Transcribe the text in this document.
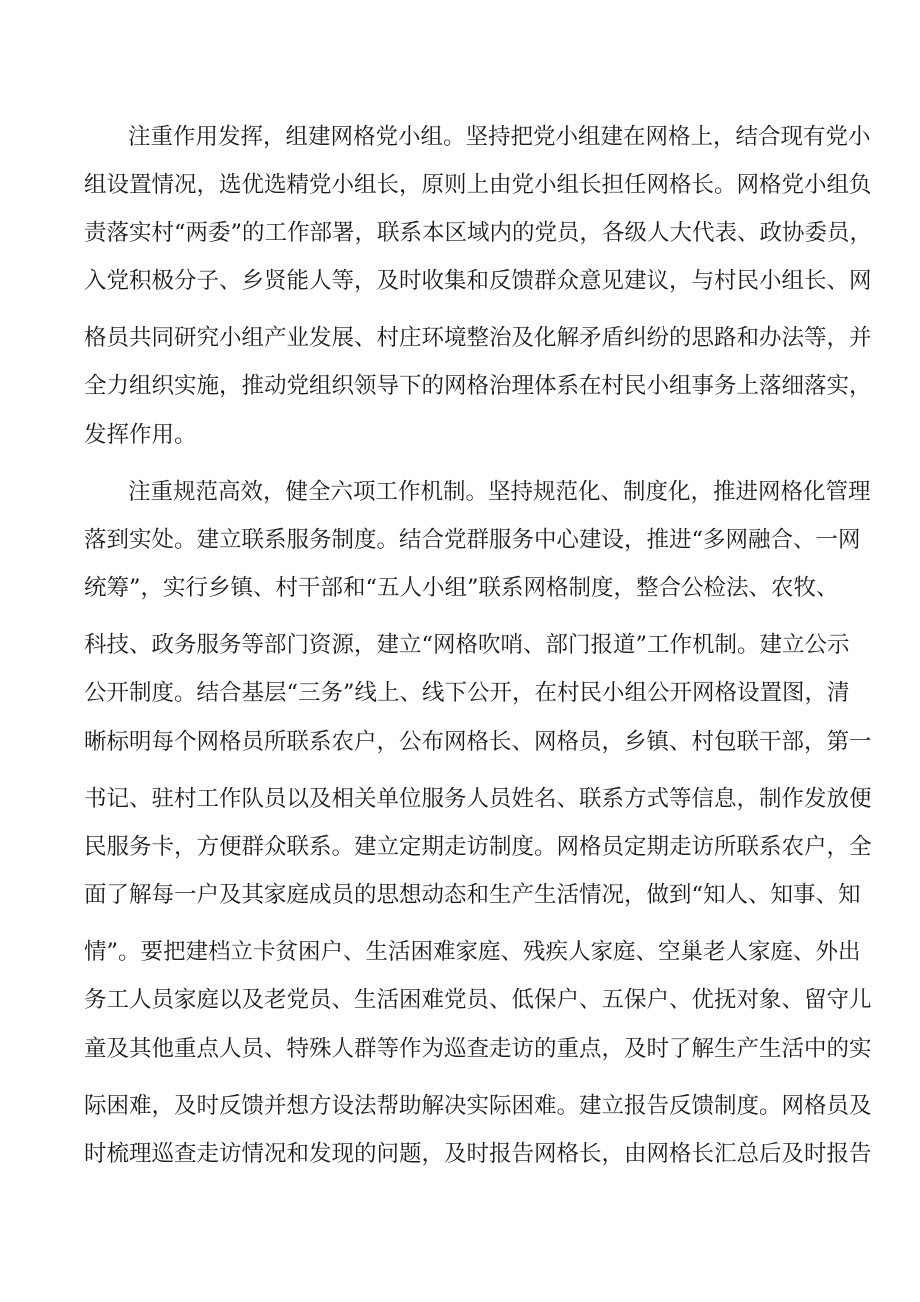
注重作用发挥，组建网格党小组。坚持把党小组建在网格上，结合现有党小
组设置情况，选优选精党小组长，原则上由党小组长担任网格长。网格党小组负
责落实村“两委”的工作部署，联系本区域内的党员，各级人大代表、政协委员，
入党积极分子、乡贤能人等，及时收集和反馈群众意见建议，与村民小组长、网
格员共同研究小组产业发展、村庄环境整治及化解矛盾纠纷的思路和办法等，并
全力组织实施，推动党组织领导下的网格治理体系在村民小组事务上落细落实，
发挥作用。
注重规范高效，健全六项工作机制。坚持规范化、制度化，推进网格化管理
落到实处。建立联系服务制度。结合党群服务中心建设，推进“多网融合、一网
统筹”，实行乡镇、村干部和“五人小组”联系网格制度，整合公检法、农牧、
科技、政务服务等部门资源，建立“网格吹哨、部门报道”工作机制。建立公示
公开制度。结合基层“三务”线上、线下公开，在村民小组公开网格设置图，清
晰标明每个网格员所联系农户，公布网格长、网格员，乡镇、村包联干部，第一
书记、驻村工作队员以及相关单位服务人员姓名、联系方式等信息，制作发放便
民服务卡，方便群众联系。建立定期走访制度。网格员定期走访所联系农户，全
面了解每一户及其家庭成员的思想动态和生产生活情况，做到“知人、知事、知
情”。要把建档立卡贫困户、生活困难家庭、残疾人家庭、空巢老人家庭、外出
务工人员家庭以及老党员、生活困难党员、低保户、五保户、优抚对象、留守儿
童及其他重点人员、特殊人群等作为巡查走访的重点，及时了解生产生活中的实
际困难，及时反馈并想方设法帮助解决实际困难。建立报告反馈制度。网格员及
时梳理巡查走访情况和发现的问题，及时报告网格长，由网格长汇总后及时报告
